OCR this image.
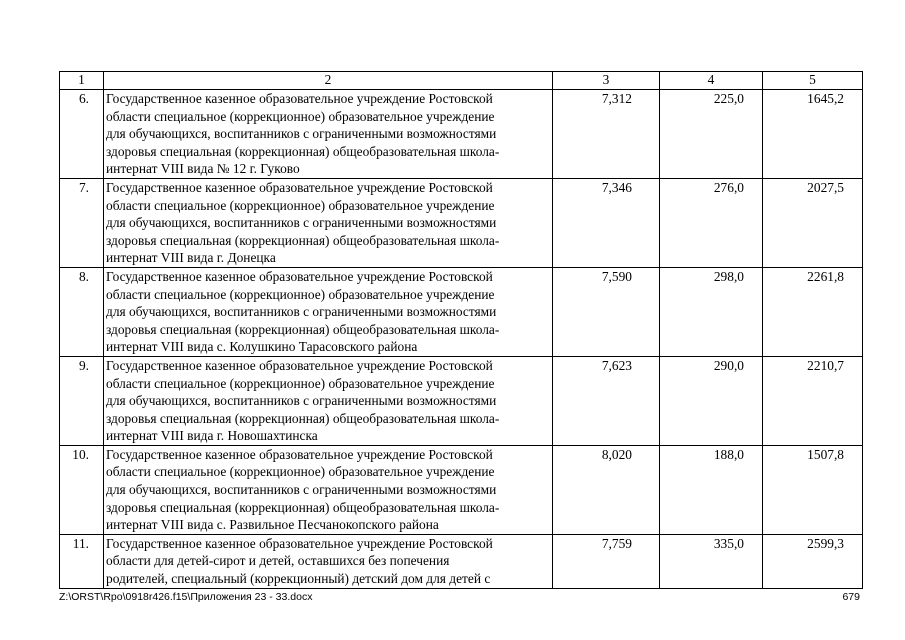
1	2	3	4	5
6.	Государственное казенное образовательное учреждение Ростовской
области специальное (коррекционное) образовательное учреждение
для обучающихся, воспитанников с ограниченными возможностями
здоровья специальная (коррекционная) общеобразовательная школа-
интернат VIII вида № 12 г. Гуково	7,312	225,0	1645,2
7.	Государственное казенное образовательное учреждение Ростовской
области специальное (коррекционное) образовательное учреждение
для обучающихся, воспитанников с ограниченными возможностями
здоровья специальная (коррекционная) общеобразовательная школа-
интернат VIII вида г. Донецка	7,346	276,0	2027,5
8.	Государственное казенное образовательное учреждение Ростовской
области специальное (коррекционное) образовательное учреждение
для обучающихся, воспитанников с ограниченными возможностями
здоровья специальная (коррекционная) общеобразовательная школа-
интернат VIII вида с. Колушкино Тарасовского района	7,590	298,0	2261,8
9.	Государственное казенное образовательное учреждение Ростовской
области специальное (коррекционное) образовательное учреждение
для обучающихся, воспитанников с ограниченными возможностями
здоровья специальная (коррекционная) общеобразовательная школа-
интернат VIII вида г. Новошахтинска	7,623	290,0	2210,7
10.	Государственное казенное образовательное учреждение Ростовской
области специальное (коррекционное) образовательное учреждение
для обучающихся, воспитанников с ограниченными возможностями
здоровья специальная (коррекционная) общеобразовательная школа-
интернат VIII вида с. Развильное Песчанокопского района	8,020	188,0	1507,8
11.	Государственное казенное образовательное учреждение Ростовской
области для детей-сирот и детей, оставшихся без попечения
родителей, специальный (коррекционный) детский дом для детей с	7,759	335,0	2599,3
Z:\ORST\Rpo\0918r426.f15\Приложения 23 - 33.docx	679
